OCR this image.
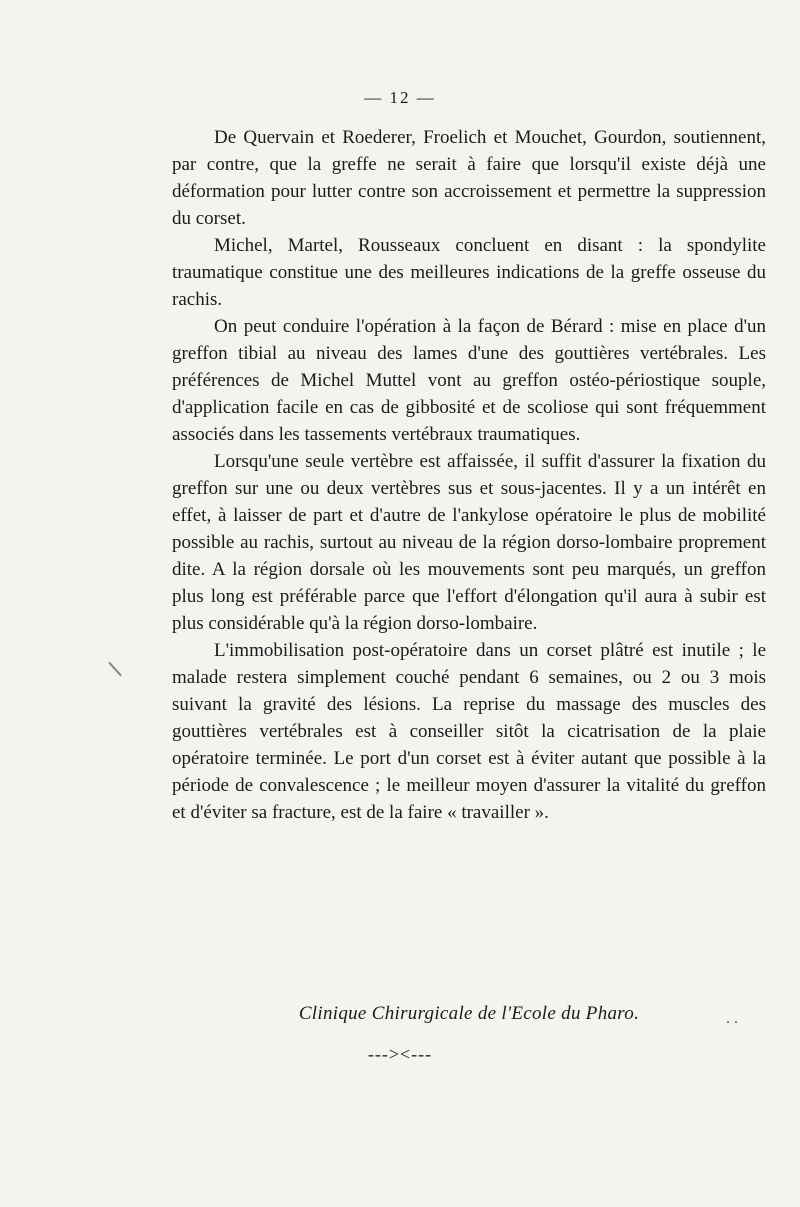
— 12 —

De Quervain et Roederer, Froelich et Mouchet, Gourdon, soutiennent, par contre, que la greffe ne serait à faire que lorsqu'il existe déjà une déformation pour lutter contre son accroissement et permettre la suppression du corset.

Michel, Martel, Rousseaux concluent en disant : la spondylite traumatique constitue une des meilleures indications de la greffe osseuse du rachis.

On peut conduire l'opération à la façon de Bérard : mise en place d'un greffon tibial au niveau des lames d'une des gouttières vertébrales. Les préférences de Michel Muttel vont au greffon ostéo-périostique souple, d'application facile en cas de gibbosité et de scoliose qui sont fréquemment associés dans les tassements vertébraux traumatiques.

Lorsqu'une seule vertèbre est affaissée, il suffit d'assurer la fixation du greffon sur une ou deux vertèbres sus et sous-jacentes. Il y a un intérêt en effet, à laisser de part et d'autre de l'ankylose opératoire le plus de mobilité possible au rachis, surtout au niveau de la région dorso-lombaire proprement dite. A la région dorsale où les mouvements sont peu marqués, un greffon plus long est préférable parce que l'effort d'élongation qu'il aura à subir est plus considérable qu'à la région dorso-lombaire.

L'immobilisation post-opératoire dans un corset plâtré est inutile ; le malade restera simplement couché pendant 6 semaines, ou 2 ou 3 mois suivant la gravité des lésions. La reprise du massage des muscles des gouttières vertébrales est à conseiller sitôt la cicatrisation de la plaie opératoire terminée. Le port d'un corset est à éviter autant que possible à la période de convalescence ; le meilleur moyen d'assurer la vitalité du greffon et d'éviter sa fracture, est de la faire « travailler ».

Clinique Chirurgicale de l'Ecole du Pharo.
---><---
. .
